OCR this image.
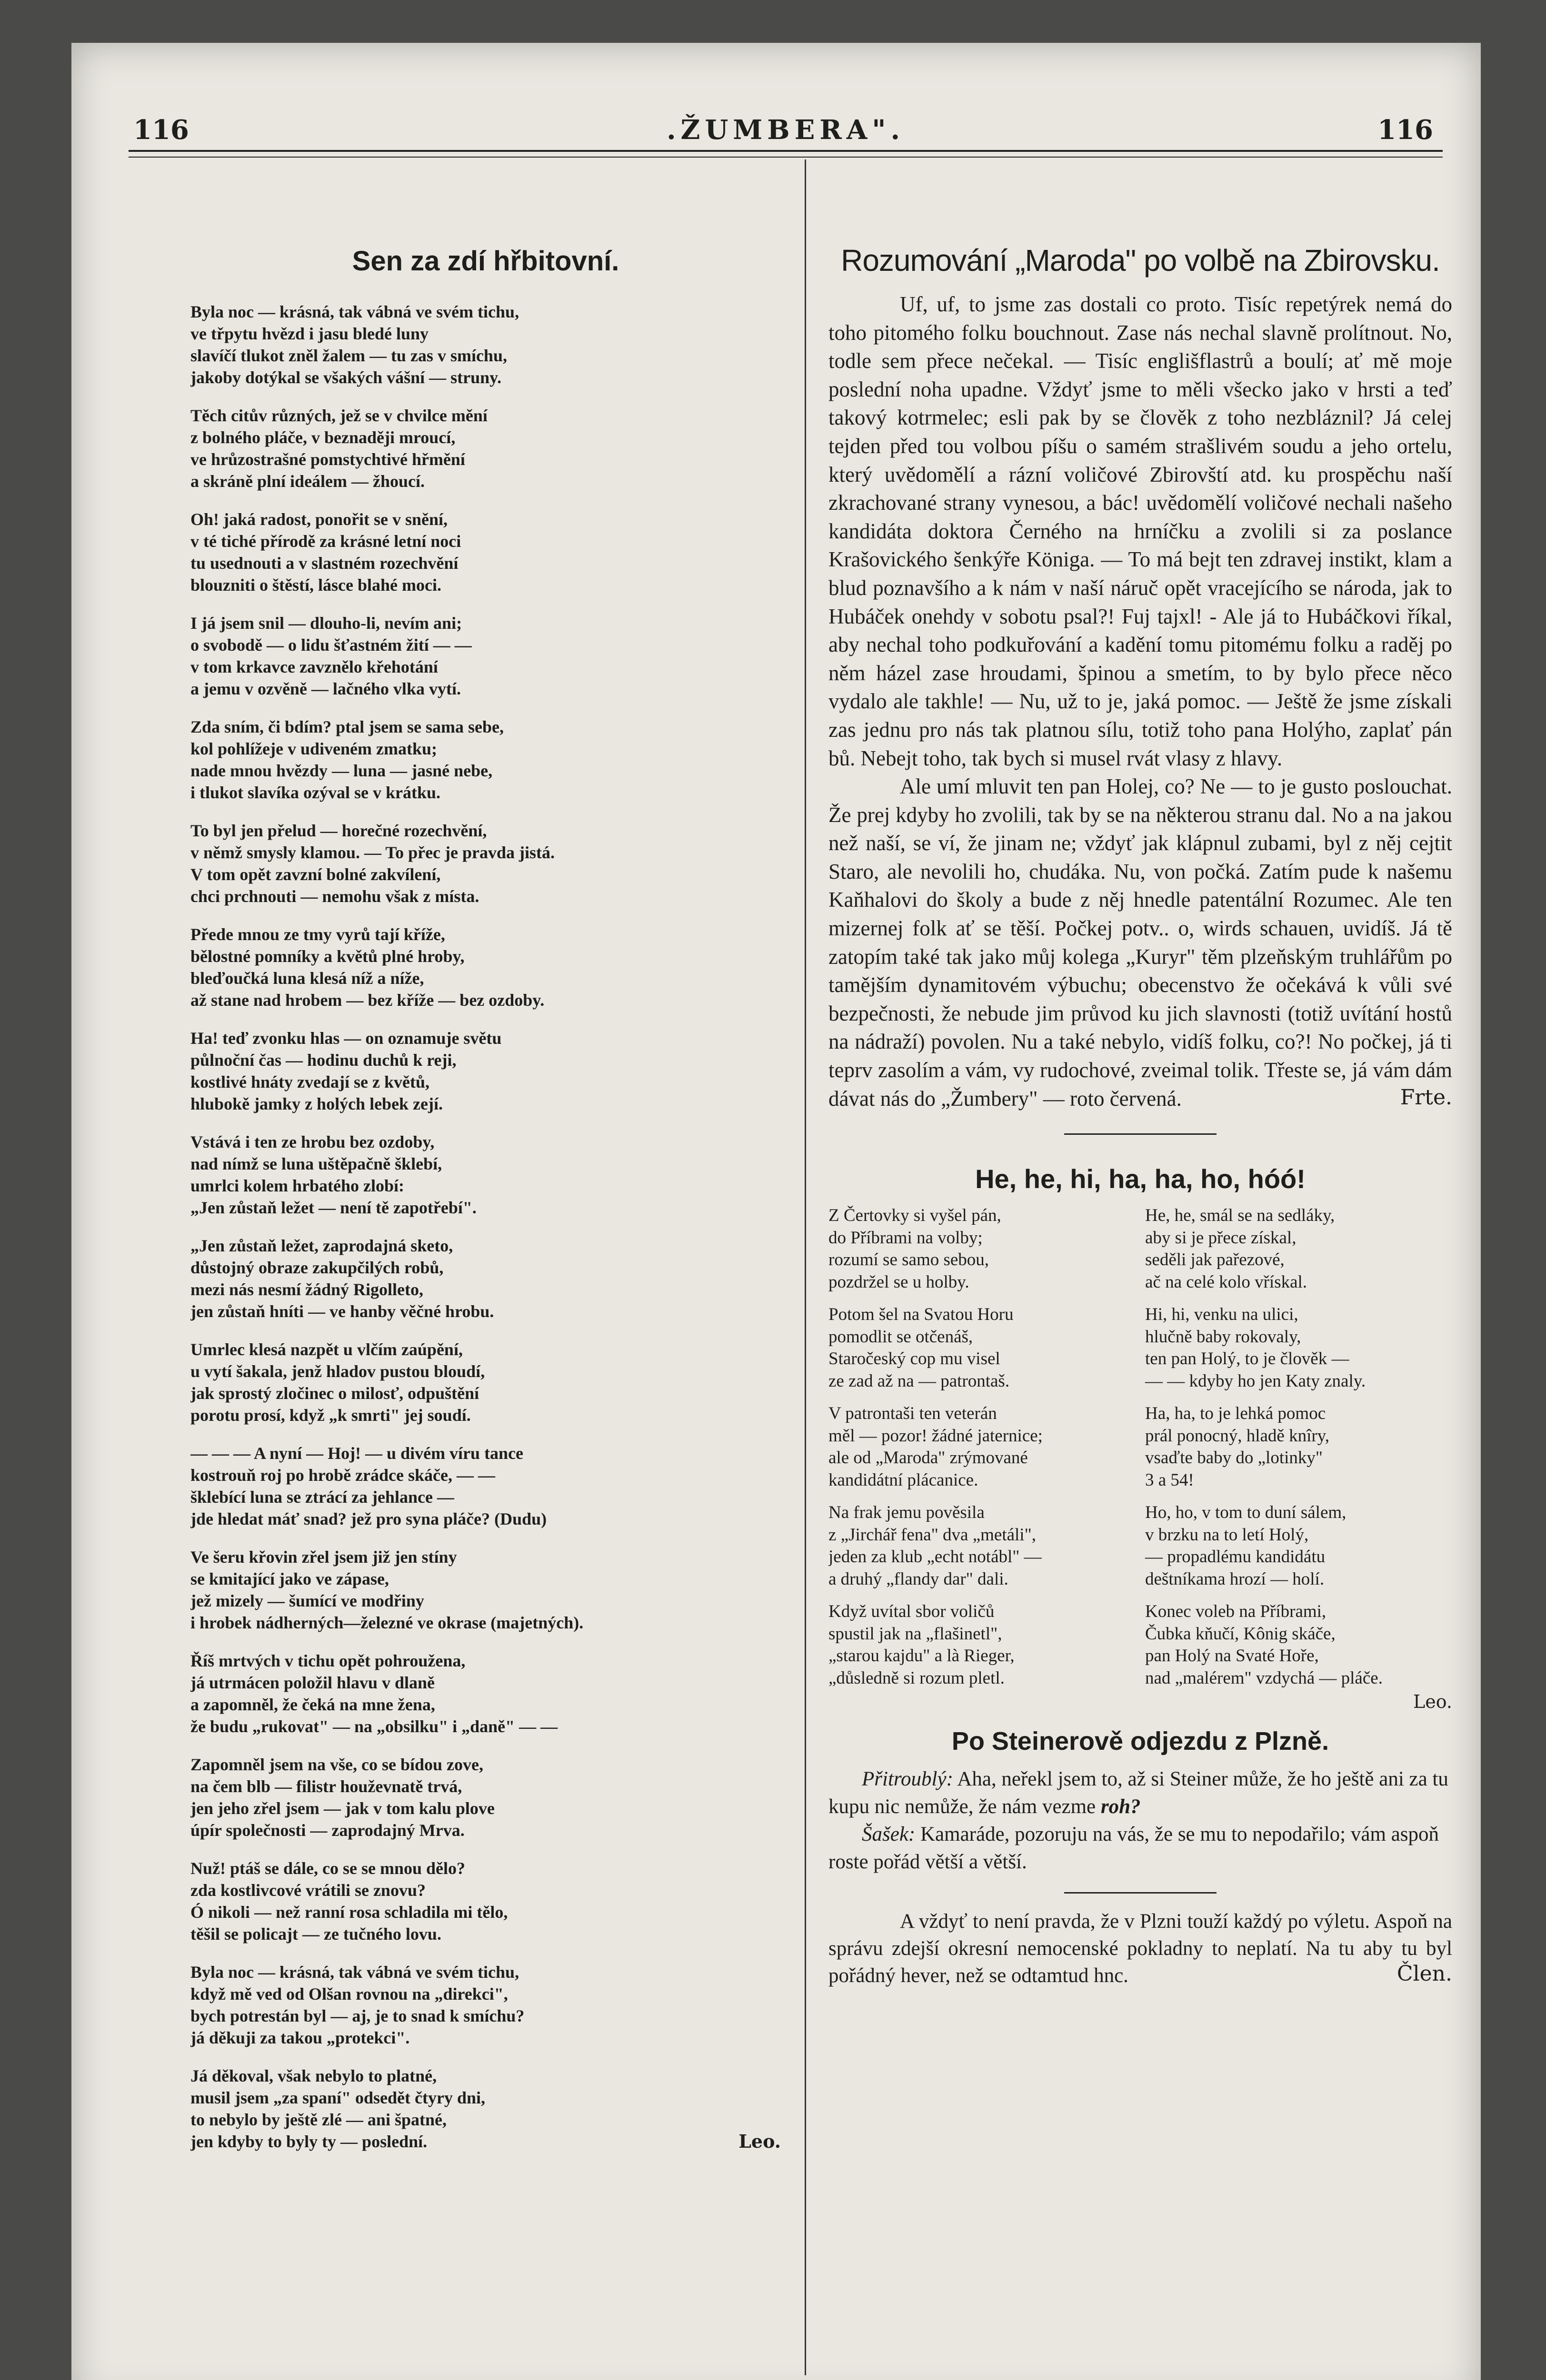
116	.ŽUMBERA".	116
Sen za zdí hřbitovní.
Byla noc — krásná, tak vábná ve svém tichu,
ve třpytu hvězd i jasu bledé luny
slavíčí tlukot zněl žalem — tu zas v smíchu,
jakoby dotýkal se všakých vášní — struny.
Těch citův různých, jež se v chvilce mění
z bolného pláče, v beznaději mroucí,
ve hrůzostrašné pomstychtivé hřmění
a skráně plní ideálem — žhoucí.
Oh! jaká radost, ponořit se v snění,
v té tiché přírodě za krásné letní noci
tu usednouti a v slastném rozechvění
blouzniti o štěstí, lásce blahé moci.
I já jsem snil — dlouho-li, nevím ani;
o svobodě — o lidu šťastném žití — —
v tom krkavce zavznělo křehotání
a jemu v ozvěně — lačného vlka vytí.
Zda sním, či bdím? ptal jsem se sama sebe,
kol pohlížeje v udiveném zmatku;
nade mnou hvězdy — luna — jasné nebe,
i tlukot slavíka ozýval se v krátku.
To byl jen přelud — horečné rozechvění,
v němž smysly klamou. — To přec je pravda jistá.
V tom opět zavzní bolné zakvílení,
chci prchnouti — nemohu však z místa.
Přede mnou ze tmy vyrů tají kříže,
bělostné pomníky a květů plné hroby,
bleďoučká luna klesá níž a níže,
až stane nad hrobem — bez kříže — bez ozdoby.
Ha! teď zvonku hlas — on oznamuje světu
půlnoční čas — hodinu duchů k reji,
kostlivé hnáty zvedají se z květů,
hlubokě jamky z holých lebek zejí.
Vstává i ten ze hrobu bez ozdoby,
nad nímž se luna uštěpačně šklebí,
umrlci kolem hrbatého zlobí:
„Jen zůstaň ležet — není tě zapotřebí".
„Jen zůstaň ležet, zaprodajná sketo,
důstojný obraze zakupčilých robů,
mezi nás nesmí žádný Rigolleto,
jen zůstaň hníti — ve hanby věčné hrobu.
Umrlec klesá nazpět u vlčím zaúpění,
u vytí šakala, jenž hladov pustou bloudí,
jak sprostý zločinec o milosť, odpuštění
porotu prosí, když „k smrti" jej soudí.
— — — A nyní — Hoj! — u divém víru tance
kostrouň roj po hrobě zrádce skáče, — —
šklebící luna se ztrácí za jehlance —
jde hledat máť snad? jež pro syna pláče? (Dudu)
Ve šeru křovin zřel jsem již jen stíny
se kmitající jako ve zápase,
jež mizely — šumící ve modřiny
i hrobek nádherných—železné ve okrase (majetných).
Říš mrtvých v tichu opět pohroužena,
já utrmácen položil hlavu v dlaně
a zapomněl, že čeká na mne žena,
že budu „rukovat" — na „obsilku" i „daně" — —
Zapomněl jsem na vše, co se bídou zove,
na čem blb — filistr houževnatě trvá,
jen jeho zřel jsem — jak v tom kalu plove
úpír společnosti — zaprodajný Mrva.
Nuž! ptáš se dále, co se se mnou dělo?
zda kostlivcové vrátili se znovu?
Ó nikoli — než ranní rosa schladila mi tělo,
těšil se policajt — ze tučného lovu.
Byla noc — krásná, tak vábná ve svém tichu,
když mě ved od Olšan rovnou na „direkci",
bych potrestán byl — aj, je to snad k smíchu?
já děkuji za takou „protekci".
Já děkoval, však nebylo to platné,
musil jsem „za spaní" odsedět čtyry dni,
to nebylo by ještě zlé — ani špatné,
jen kdyby to byly ty — poslední.	Leo.

Rozumování „Maroda" po volbě na Zbirovsku.

Uf, uf, to jsme zas dostali co proto. Tisíc repetýrek nemá do toho pitomého folku bouchnout. Zase nás nechal slavně prolítnout. No, todle sem přece nečekal. — Tisíc englišflastrů a boulí; ať mě moje poslední noha upadne. Vždyť jsme to měli všecko jako v hrsti a teď takový kotrmelec; esli pak by se člověk z toho nezbláznil? Já celej tejden před tou volbou píšu o samém strašlivém soudu a jeho ortelu, který uvědomělí a rázní voličové Zbirovští atd. ku prospěchu naší zkrachované strany vynesou, a bác! uvědomělí voličové nechali našeho kandidáta doktora Černého na hrníčku a zvolili si za poslance Krašovického šenkýře Königa. — To má bejt ten zdravej instikt, klam a blud poznavšího a k nám v naší náruč opět vracejícího se národa, jak to Hubáček onehdy v sobotu psal?! Fuj tajxl! - Ale já to Hubáčkovi říkal, aby nechal toho podkuřování a kadění tomu pitomému folku a raděj po něm házel zase hroudami, špinou a smetím, to by bylo přece něco vydalo ale takhle! — Nu, už to je, jaká pomoc. — Ještě že jsme získali zas jednu pro nás tak platnou sílu, totiž toho pana Holýho, zaplať pán bů. Nebejt toho, tak bych si musel rvát vlasy z hlavy.

Ale umí mluvit ten pan Holej, co? Ne — to je gusto poslouchat. Že prej kdyby ho zvolili, tak by se na některou stranu dal. No a na jakou než naší, se ví, že jinam ne; vždyť jak klápnul zubami, byl z něj cejtit Staro, ale nevolili ho, chudáka. Nu, von počká. Zatím pude k našemu Kaňhalovi do školy a bude z něj hnedle patentální Rozumec. Ale ten mizernej folk ať se těší. Počkej potv.. o, wirds schauen, uvidíš. Já tě zatopím také tak jako můj kolega „Kuryr" těm plzeňským truhlářům po tamějším dynamitovém výbuchu; obecenstvo že očekává k vůli své bezpečnosti, že nebude jim průvod ku jich slavnosti (totiž uvítání hostů na nádraží) povolen. Nu a také nebylo, vidíš folku, co?! No počkej, já ti teprv zasolím a vám, vy rudochové, zveimal tolik. Třeste se, já vám dám dávat nás do „Žumbery" — roto červená.	Frte.

He, he, hi, ha, ha, ho, hóó!
Z Čertovky si vyšel pán,
do Příbrami na volby;
rozumí se samo sebou,
pozdržel se u holby.
He, he, smál se na sedláky,
aby si je přece získal,
seděli jak pařezové,
ač na celé kolo vřískal.
Potom šel na Svatou Horu
pomodlit se otčenáš,
Staročeský cop mu visel
ze zad až na — patrontaš.
Hi, hi, venku na ulici,
hlučně baby rokovaly,
ten pan Holý, to je člověk —
— — kdyby ho jen Katy znaly.
V patrontaši ten veterán
měl — pozor! žádné jaternice;
ale od „Maroda" zrýmované
kandidátní plácanice.
Ha, ha, to je lehká pomoc
prál ponocný, hladě knîry,
vsaďte baby do „lotinky"
3 a 54!
Na frak jemu pověsila
z „Jirchář fena" dva „metáli",
jeden za klub „echt notábl" —
a druhý „flandy dar" dali.
Ho, ho, v tom to duní sálem,
v brzku na to letí Holý,
— propadlému kandidátu
deštníkama hrozí — holí.
Když uvítal sbor voličů
spustil jak na „flašinetl",
„starou kajdu" a là Rieger,
„důsledně si rozum pletl.
Konec voleb na Příbrami,
Čubka kňučí, Kônig skáče,
pan Holý na Svaté Hoře,
nad „malérem" vzdychá — pláče.

Leo.

Po Steinerově odjezdu z Plzně.

Přitroublý: Aha, neřekl jsem to, až si Steiner může, že ho ještě ani za tu kupu nic nemůže, že nám vezme roh?

Šašek: Kamaráde, pozoruju na vás, že se mu to nepodařilo; vám aspoň roste pořád větší a větší.

A vždyť to není pravda, že v Plzni touží každý po výletu. Aspoň na správu zdejší okresní nemocenské pokladny to neplatí. Na tu aby tu byl pořádný hever, než se odtamtud hnc.	Člen.
